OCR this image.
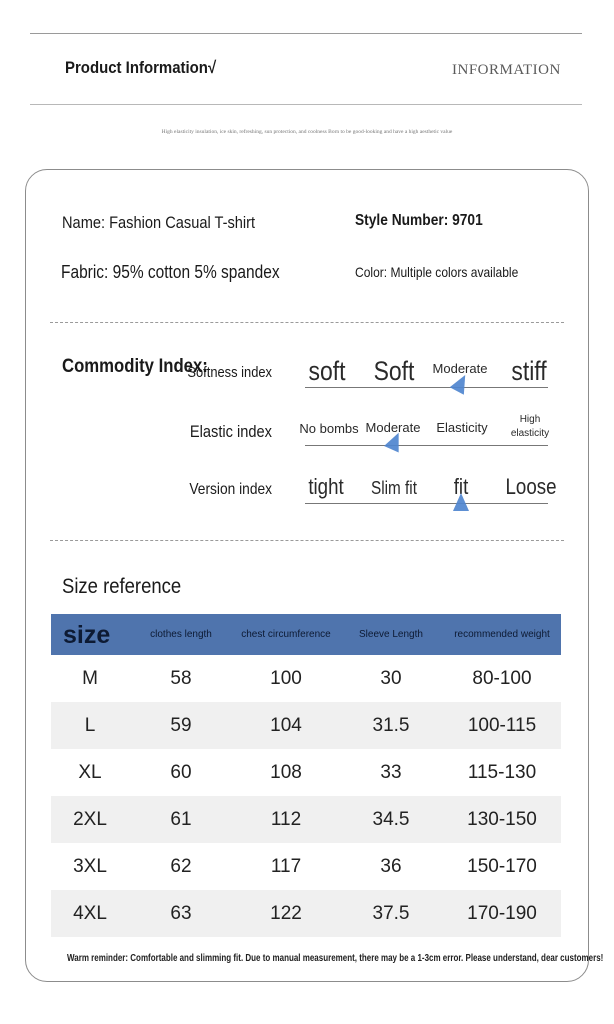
Product Information√	INFORMATION
High elasticity insulation, ice skin, refreshing, sun protection, and coolness Born to be good-looking and have a high aesthetic value
Name: Fashion Casual T-shirt	Style Number: 9701
Fabric: 95% cotton 5% spandex	Color: Multiple colors available
Commodity Index:
Softness index soft Soft Moderate stiff
Elastic index No bombs Moderate Elasticity
High elasticity
Version index tight Slim fit fit Loose
Size reference
size	clothes length	chest circumference	Sleeve Length	recommended weight
M	58	100	30	80-100
L	59	104	31.5	100-115
XL	60	108	33	115-130
2XL	61	112	34.5	130-150
3XL	62	117	36	150-170
4XL	63	122	37.5	170-190
Warm reminder: Comfortable and slimming fit. Due to manual measurement, there may be a 1-3cm error. Please understand, dear customers!
